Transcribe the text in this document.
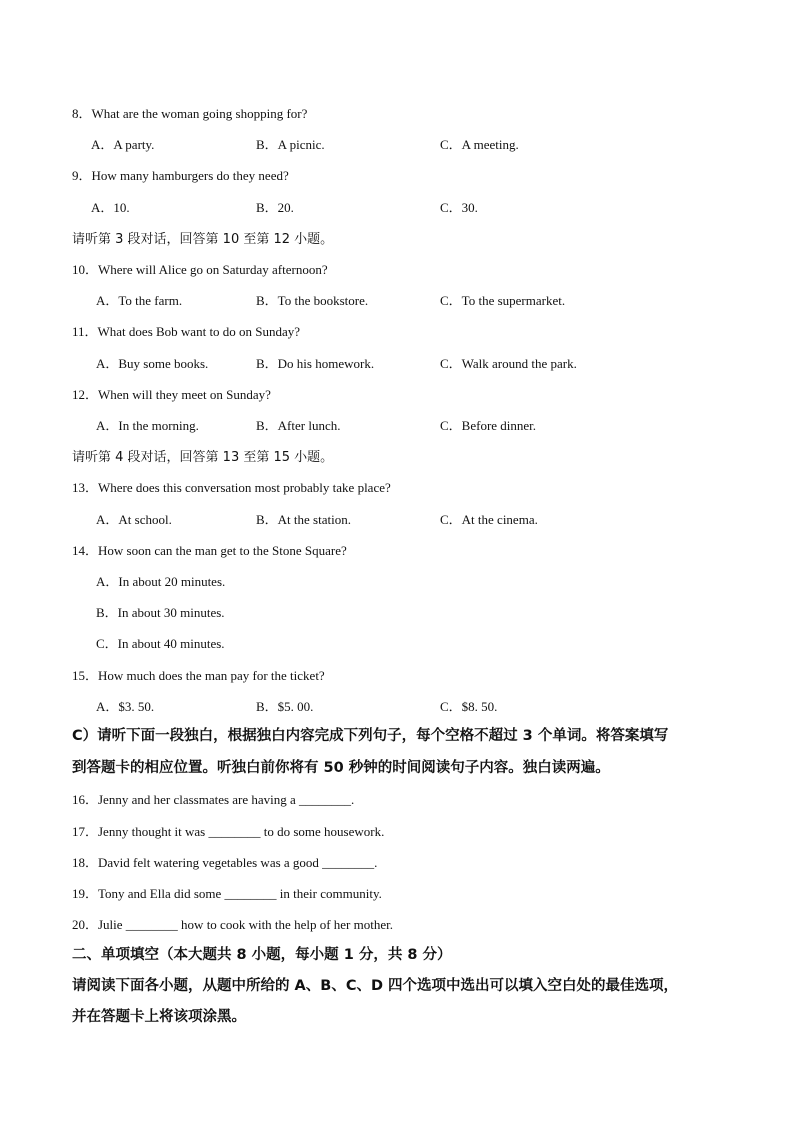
8．What are the woman going shopping for?
A．A party.	B．A picnic.	C．A meeting.
9．How many hamburgers do they need?
A．10.	B．20.	C．30.
请听第 3 段对话，回答第 10 至第 12 小题。
10．Where will Alice go on Saturday afternoon?
A．To the farm.	B．To the bookstore.	C．To the supermarket.
11．What does Bob want to do on Sunday?
A．Buy some books.	B．Do his homework.	C．Walk around the park.
12．When will they meet on Sunday?
A．In the morning.	B．After lunch.	C．Before dinner.
请听第 4 段对话，回答第 13 至第 15 小题。
13．Where does this conversation most probably take place?
A．At school.	B．At the station.	C．At the cinema.
14．How soon can the man get to the Stone Square?
A．In about 20 minutes.
B．In about 30 minutes.
C．In about 40 minutes.
15．How much does the man pay for the ticket?
A．$3. 50.	B．$5. 00.	C．$8. 50.
C）请听下面一段独白，根据独白内容完成下列句子，每个空格不超过 3 个单词。将答案填写
到答题卡的相应位置。听独白前你将有 50 秒钟的时间阅读句子内容。独白读两遍。
16．Jenny and her classmates are having a ________.
17．Jenny thought it was ________ to do some housework.
18．David felt watering vegetables was a good ________.
19．Tony and Ella did some ________ in their community.
20．Julie ________ how to cook with the help of her mother.
二、单项填空（本大题共 8 小题，每小题 1 分，共 8 分）
请阅读下面各小题，从题中所给的 A、B、C、D 四个选项中选出可以填入空白处的最佳选项，
并在答题卡上将该项涂黑。
